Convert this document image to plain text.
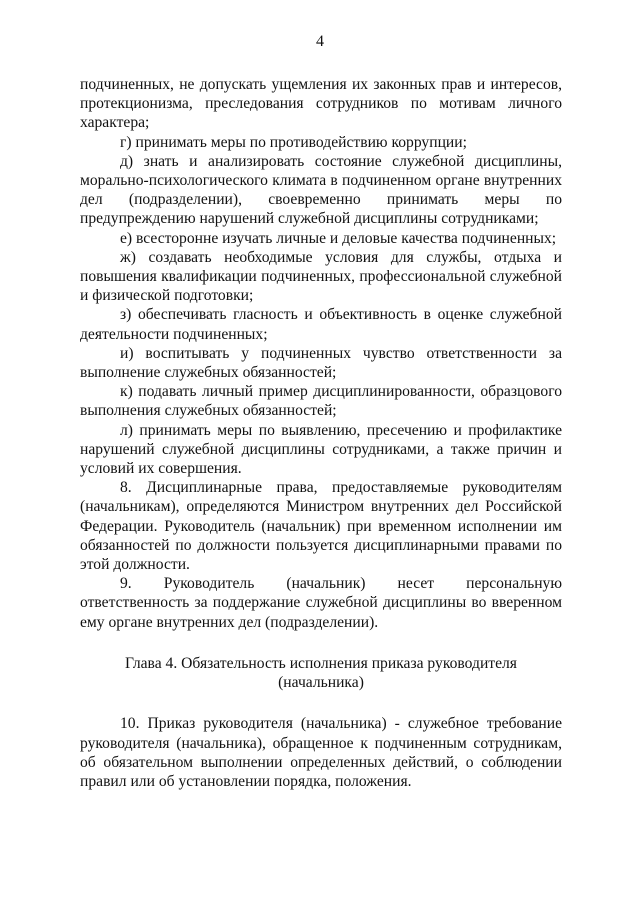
4

подчиненных, не допускать ущемления их законных прав и интересов, протекционизма, преследования сотрудников по мотивам личного характера;

г) принимать меры по противодействию коррупции;

д) знать и анализировать состояние служебной дисциплины, морально-психологического климата в подчиненном органе внутренних дел (подразделении), своевременно принимать меры по предупреждению нарушений служебной дисциплины сотрудниками;

е) всесторонне изучать личные и деловые качества подчиненных;

ж) создавать необходимые условия для службы, отдыха и повышения квалификации подчиненных, профессиональной служебной и физической подготовки;

з) обеспечивать гласность и объективность в оценке служебной деятельности подчиненных;

и) воспитывать у подчиненных чувство ответственности за выполнение служебных обязанностей;

к) подавать личный пример дисциплинированности, образцового выполнения служебных обязанностей;

л) принимать меры по выявлению, пресечению и профилактике нарушений служебной дисциплины сотрудниками, а также причин и условий их совершения.

8. Дисциплинарные права, предоставляемые руководителям (начальникам), определяются Министром внутренних дел Российской Федерации. Руководитель (начальник) при временном исполнении им обязанностей по должности пользуется дисциплинарными правами по этой должности.

9. Руководитель (начальник) несет персональную ответственность за поддержание служебной дисциплины во вверенном ему органе внутренних дел (подразделении).

Глава 4. Обязательность исполнения приказа руководителя (начальника)

10. Приказ руководителя (начальника) - служебное требование руководителя (начальника), обращенное к подчиненным сотрудникам, об обязательном выполнении определенных действий, о соблюдении правил или об установлении порядка, положения.
